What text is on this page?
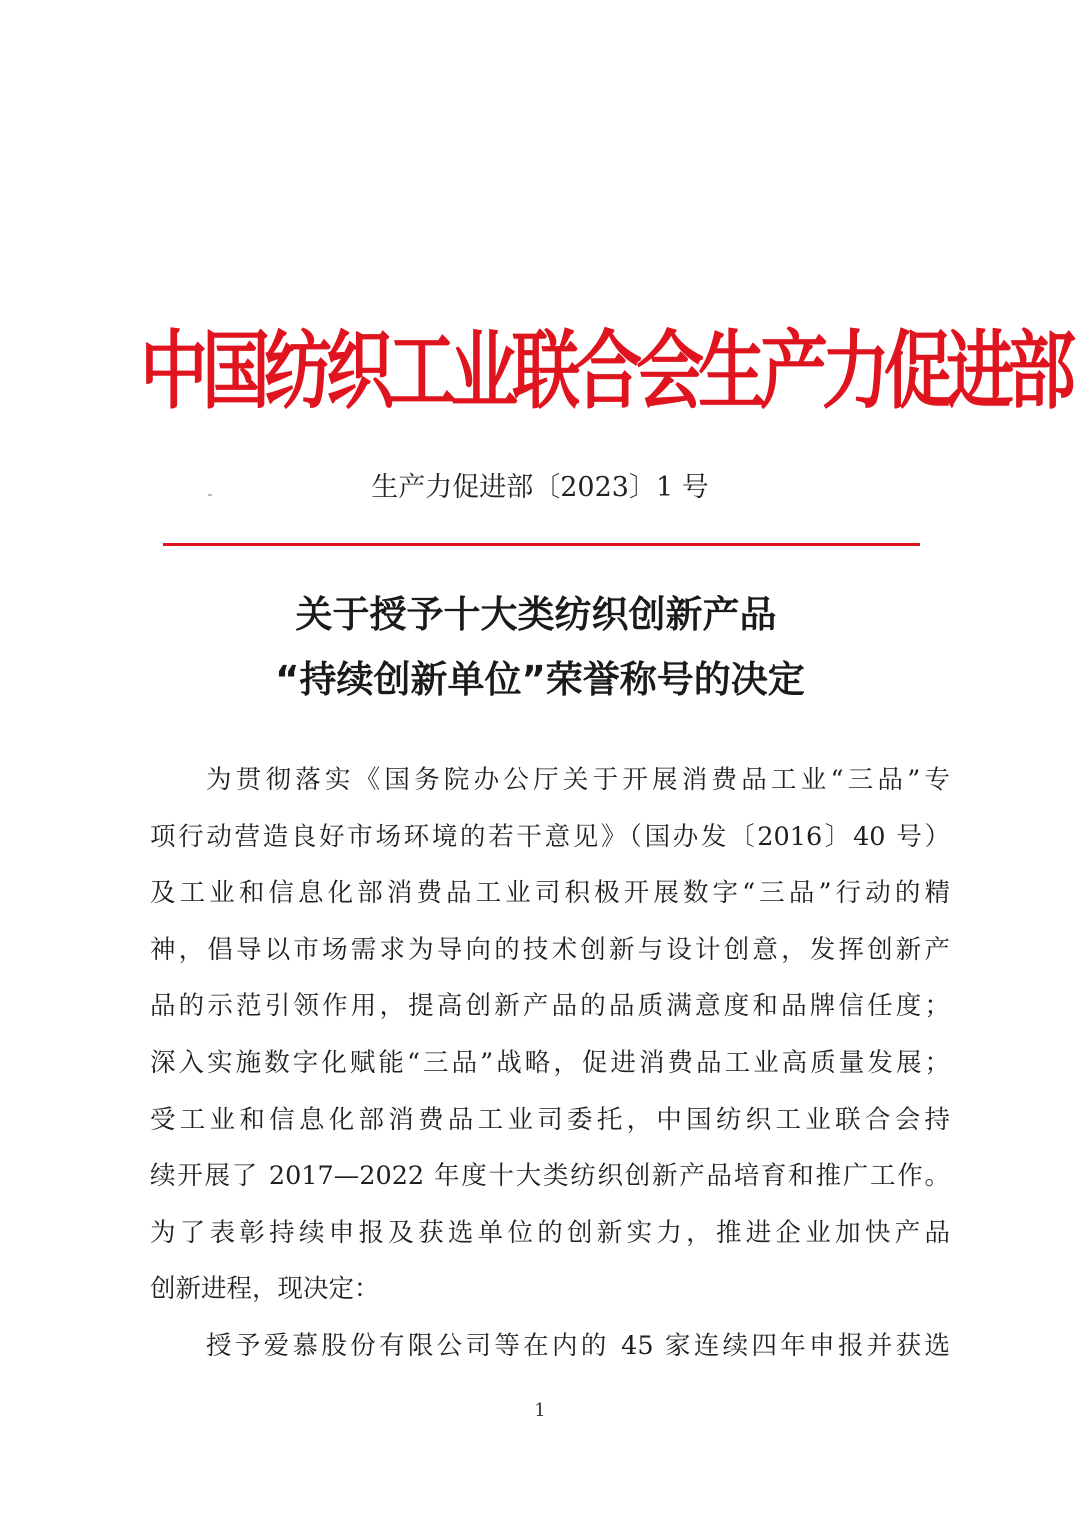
中国纺织工业联合会生产力促进部
生产力促进部〔2023〕1 号
关于授予十大类纺织创新产品
“持续创新单位”荣誉称号的决定
为贯彻落实《国务院办公厅关于开展消费品工业“三品”专
项行动营造良好市场环境的若干意见》（国办发〔2016〕40 号）
及工业和信息化部消费品工业司积极开展数字“三品”行动的精
神，倡导以市场需求为导向的技术创新与设计创意，发挥创新产
品的示范引领作用，提高创新产品的品质满意度和品牌信任度；
深入实施数字化赋能“三品”战略，促进消费品工业高质量发展；
受工业和信息化部消费品工业司委托，中国纺织工业联合会持
续开展了 2017—2022 年度十大类纺织创新产品培育和推广工作。
为了表彰持续申报及获选单位的创新实力，推进企业加快产品
创新进程，现决定：
授予爱慕股份有限公司等在内的 45 家连续四年申报并获选
1
